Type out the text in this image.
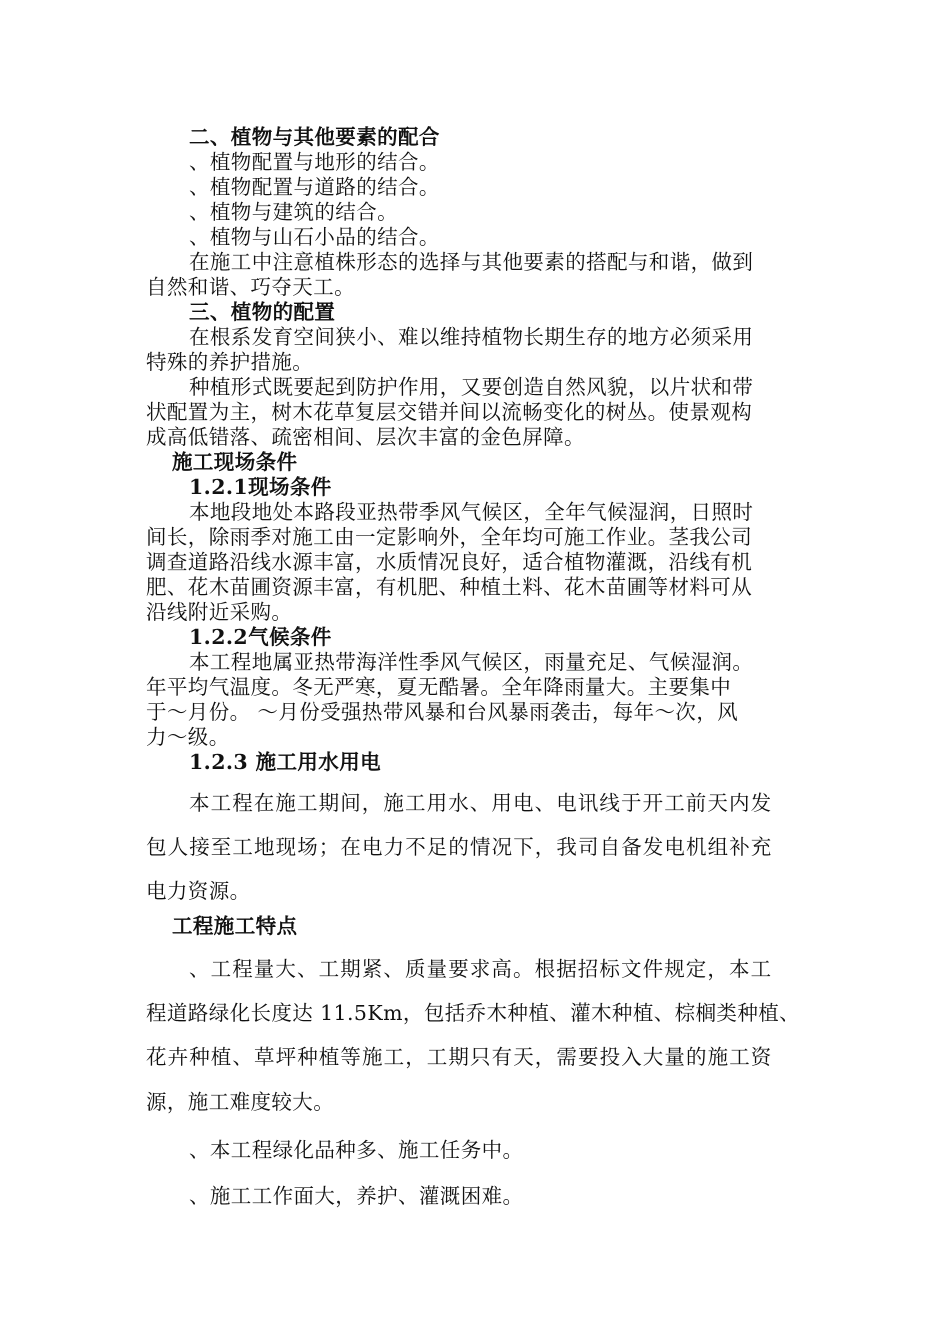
二、植物与其他要素的配合
、植物配置与地形的结合。
、植物配置与道路的结合。
、植物与建筑的结合。
、植物与山石小品的结合。
在施工中注意植株形态的选择与其他要素的搭配与和谐，做到
自然和谐、巧夺天工。
三、植物的配置
在根系发育空间狭小、难以维持植物长期生存的地方必须采用
特殊的养护措施。
种植形式既要起到防护作用，又要创造自然风貌，以片状和带
状配置为主，树木花草复层交错并间以流畅变化的树丛。使景观构
成高低错落、疏密相间、层次丰富的金色屏障。
施工现场条件
1.2.1现场条件
本地段地处本路段亚热带季风气候区，全年气候湿润，日照时
间长，除雨季对施工由一定影响外，全年均可施工作业。茎我公司
调查道路沿线水源丰富，水质情况良好，适合植物灌溉，沿线有机
肥、花木苗圃资源丰富，有机肥、种植土料、花木苗圃等材料可从
沿线附近采购。
1.2.2气候条件
本工程地属亚热带海洋性季风气候区，雨量充足、气候湿润。
年平均气温度。冬无严寒，夏无酷暑。全年降雨量大。主要集中
于～月份。 ～月份受强热带风暴和台风暴雨袭击，每年～次，风
力～级。
1.2.3 施工用水用电
本工程在施工期间，施工用水、用电、电讯线于开工前天内发
包人接至工地现场；在电力不足的情况下，我司自备发电机组补充
电力资源。
工程施工特点
、工程量大、工期紧、质量要求高。根据招标文件规定，本工
程道路绿化长度达 11.5Km，包括乔木种植、灌木种植、棕榈类种植、
花卉种植、草坪种植等施工，工期只有天，需要投入大量的施工资
源，施工难度较大。
、本工程绿化品种多、施工任务中。
、施工工作面大，养护、灌溉困难。
